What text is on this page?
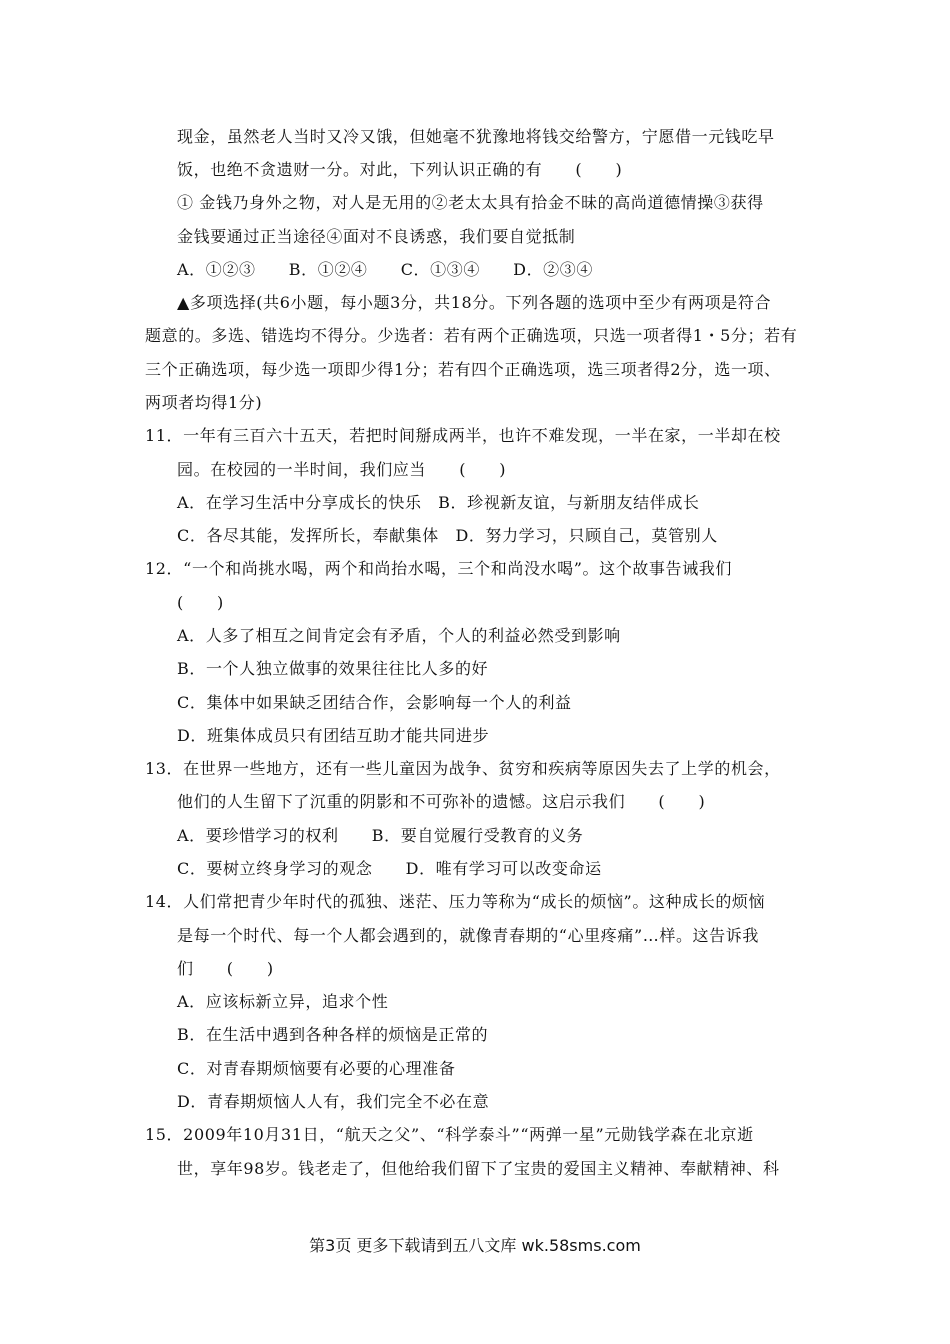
现金，虽然老人当时又冷又饿，但她毫不犹豫地将钱交给警方，宁愿借一元钱吃早
饭，也绝不贪遗财一分。对此，下列认识正确的有　　(　　)
① 金钱乃身外之物，对人是无用的②老太太具有拾金不昧的高尚道德情操③获得
金钱要通过正当途径④面对不良诱惑，我们要自觉抵制
A．①②③　　B．①②④　　C．①③④　　D．②③④
▲多项选择(共6小题，每小题3分，共18分。下列各题的选项中至少有两项是符合
题意的。多选、错选均不得分。少选者：若有两个正确选项，只选一项者得1・5分；若有
三个正确选项，每少选一项即少得1分；若有四个正确选项，选三项者得2分，选一项、
两项者均得1分)
11．一年有三百六十五天，若把时间掰成两半，也许不难发现，一半在家，一半却在校
园。在校园的一半时间，我们应当　　(　　)
A．在学习生活中分享成长的快乐　B．珍视新友谊，与新朋友结伴成长
C．各尽其能，发挥所长，奉献集体　D．努力学习，只顾自己，莫管别人
12．“一个和尚挑水喝，两个和尚抬水喝，三个和尚没水喝”。这个故事告诫我们
(　　)
A．人多了相互之间肯定会有矛盾，个人的利益必然受到影响
B．一个人独立做事的效果往往比人多的好
C．集体中如果缺乏团结合作，会影响每一个人的利益
D．班集体成员只有团结互助才能共同进步
13．在世界一些地方，还有一些儿童因为战争、贫穷和疾病等原因失去了上学的机会，
他们的人生留下了沉重的阴影和不可弥补的遗憾。这启示我们　　(　　)
A．要珍惜学习的权利　　B．要自觉履行受教育的义务
C．要树立终身学习的观念　　D．唯有学习可以改变命运
14．人们常把青少年时代的孤独、迷茫、压力等称为“成长的烦恼”。这种成长的烦恼
是每一个时代、每一个人都会遇到的，就像青春期的“心里疼痛”…样。这告诉我
们　　(　　)
A．应该标新立异，追求个性
B．在生活中遇到各种各样的烦恼是正常的
C．对青春期烦恼要有必要的心理准备
D．青春期烦恼人人有，我们完全不必在意
15．2009年10月31日，“航天之父”、“科学泰斗”“两弹一星”元勋钱学森在北京逝
世，享年98岁。钱老走了，但他给我们留下了宝贵的爱国主义精神、奉献精神、科
第3页 更多下载请到五八文库 wk.58sms.com
